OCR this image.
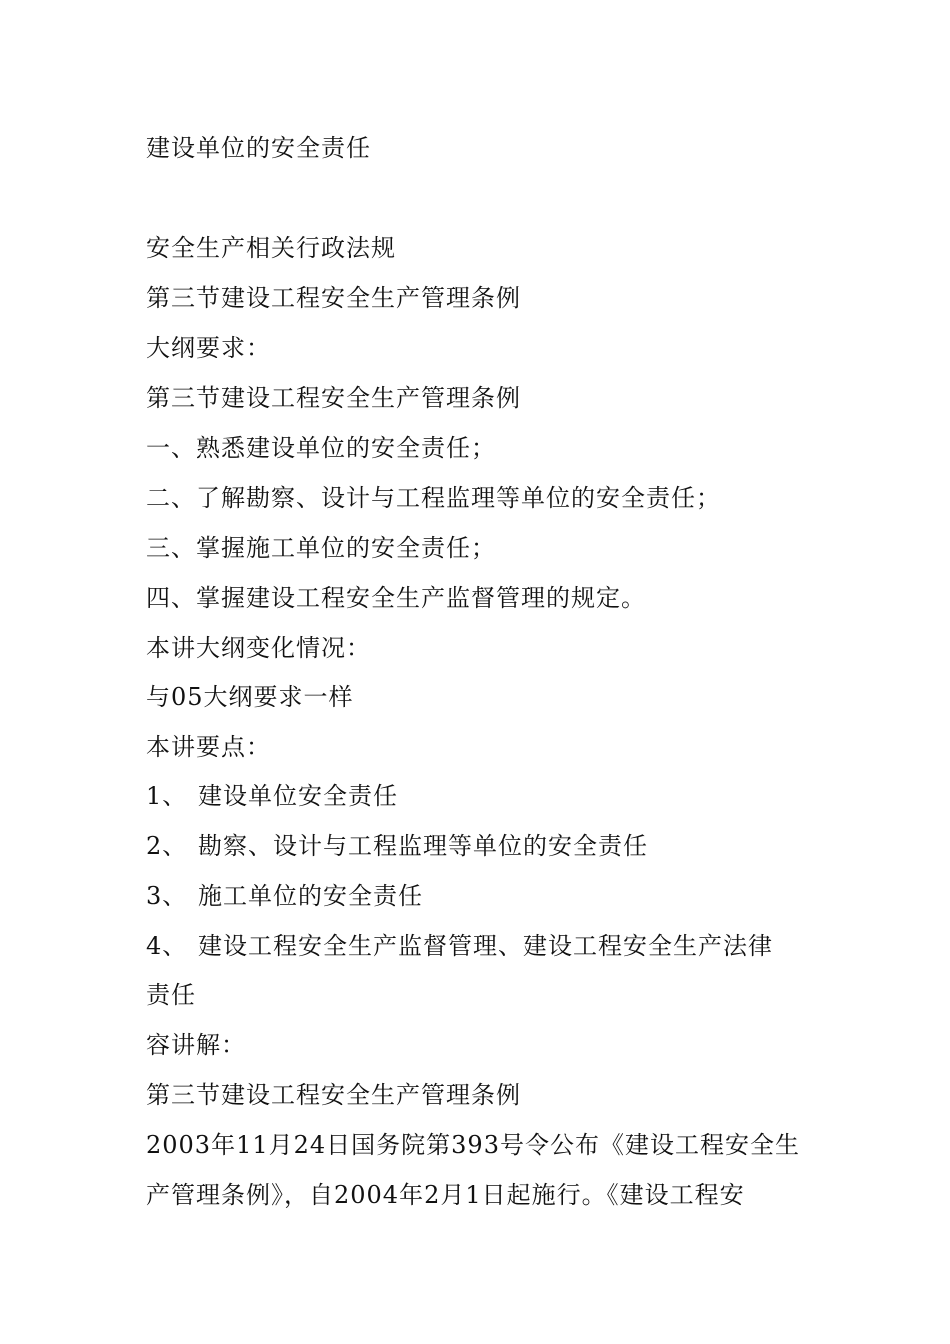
建设单位的安全责任
安全生产相关行政法规
第三节建设工程安全生产管理条例
大纲要求：
第三节建设工程安全生产管理条例
一、熟悉建设单位的安全责任；
二、了解勘察、设计与工程监理等单位的安全责任；
三、掌握施工单位的安全责任；
四、掌握建设工程安全生产监督管理的规定。
本讲大纲变化情况：
与05大纲要求一样
本讲要点：
1、 建设单位安全责任
2、 勘察、设计与工程监理等单位的安全责任
3、 施工单位的安全责任
4、 建设工程安全生产监督管理、建设工程安全生产法律
责任
容讲解：
第三节建设工程安全生产管理条例
2003年11月24日国务院第393号令公布《建设工程安全生
产管理条例》，自2004年2月1日起施行。《建设工程安
